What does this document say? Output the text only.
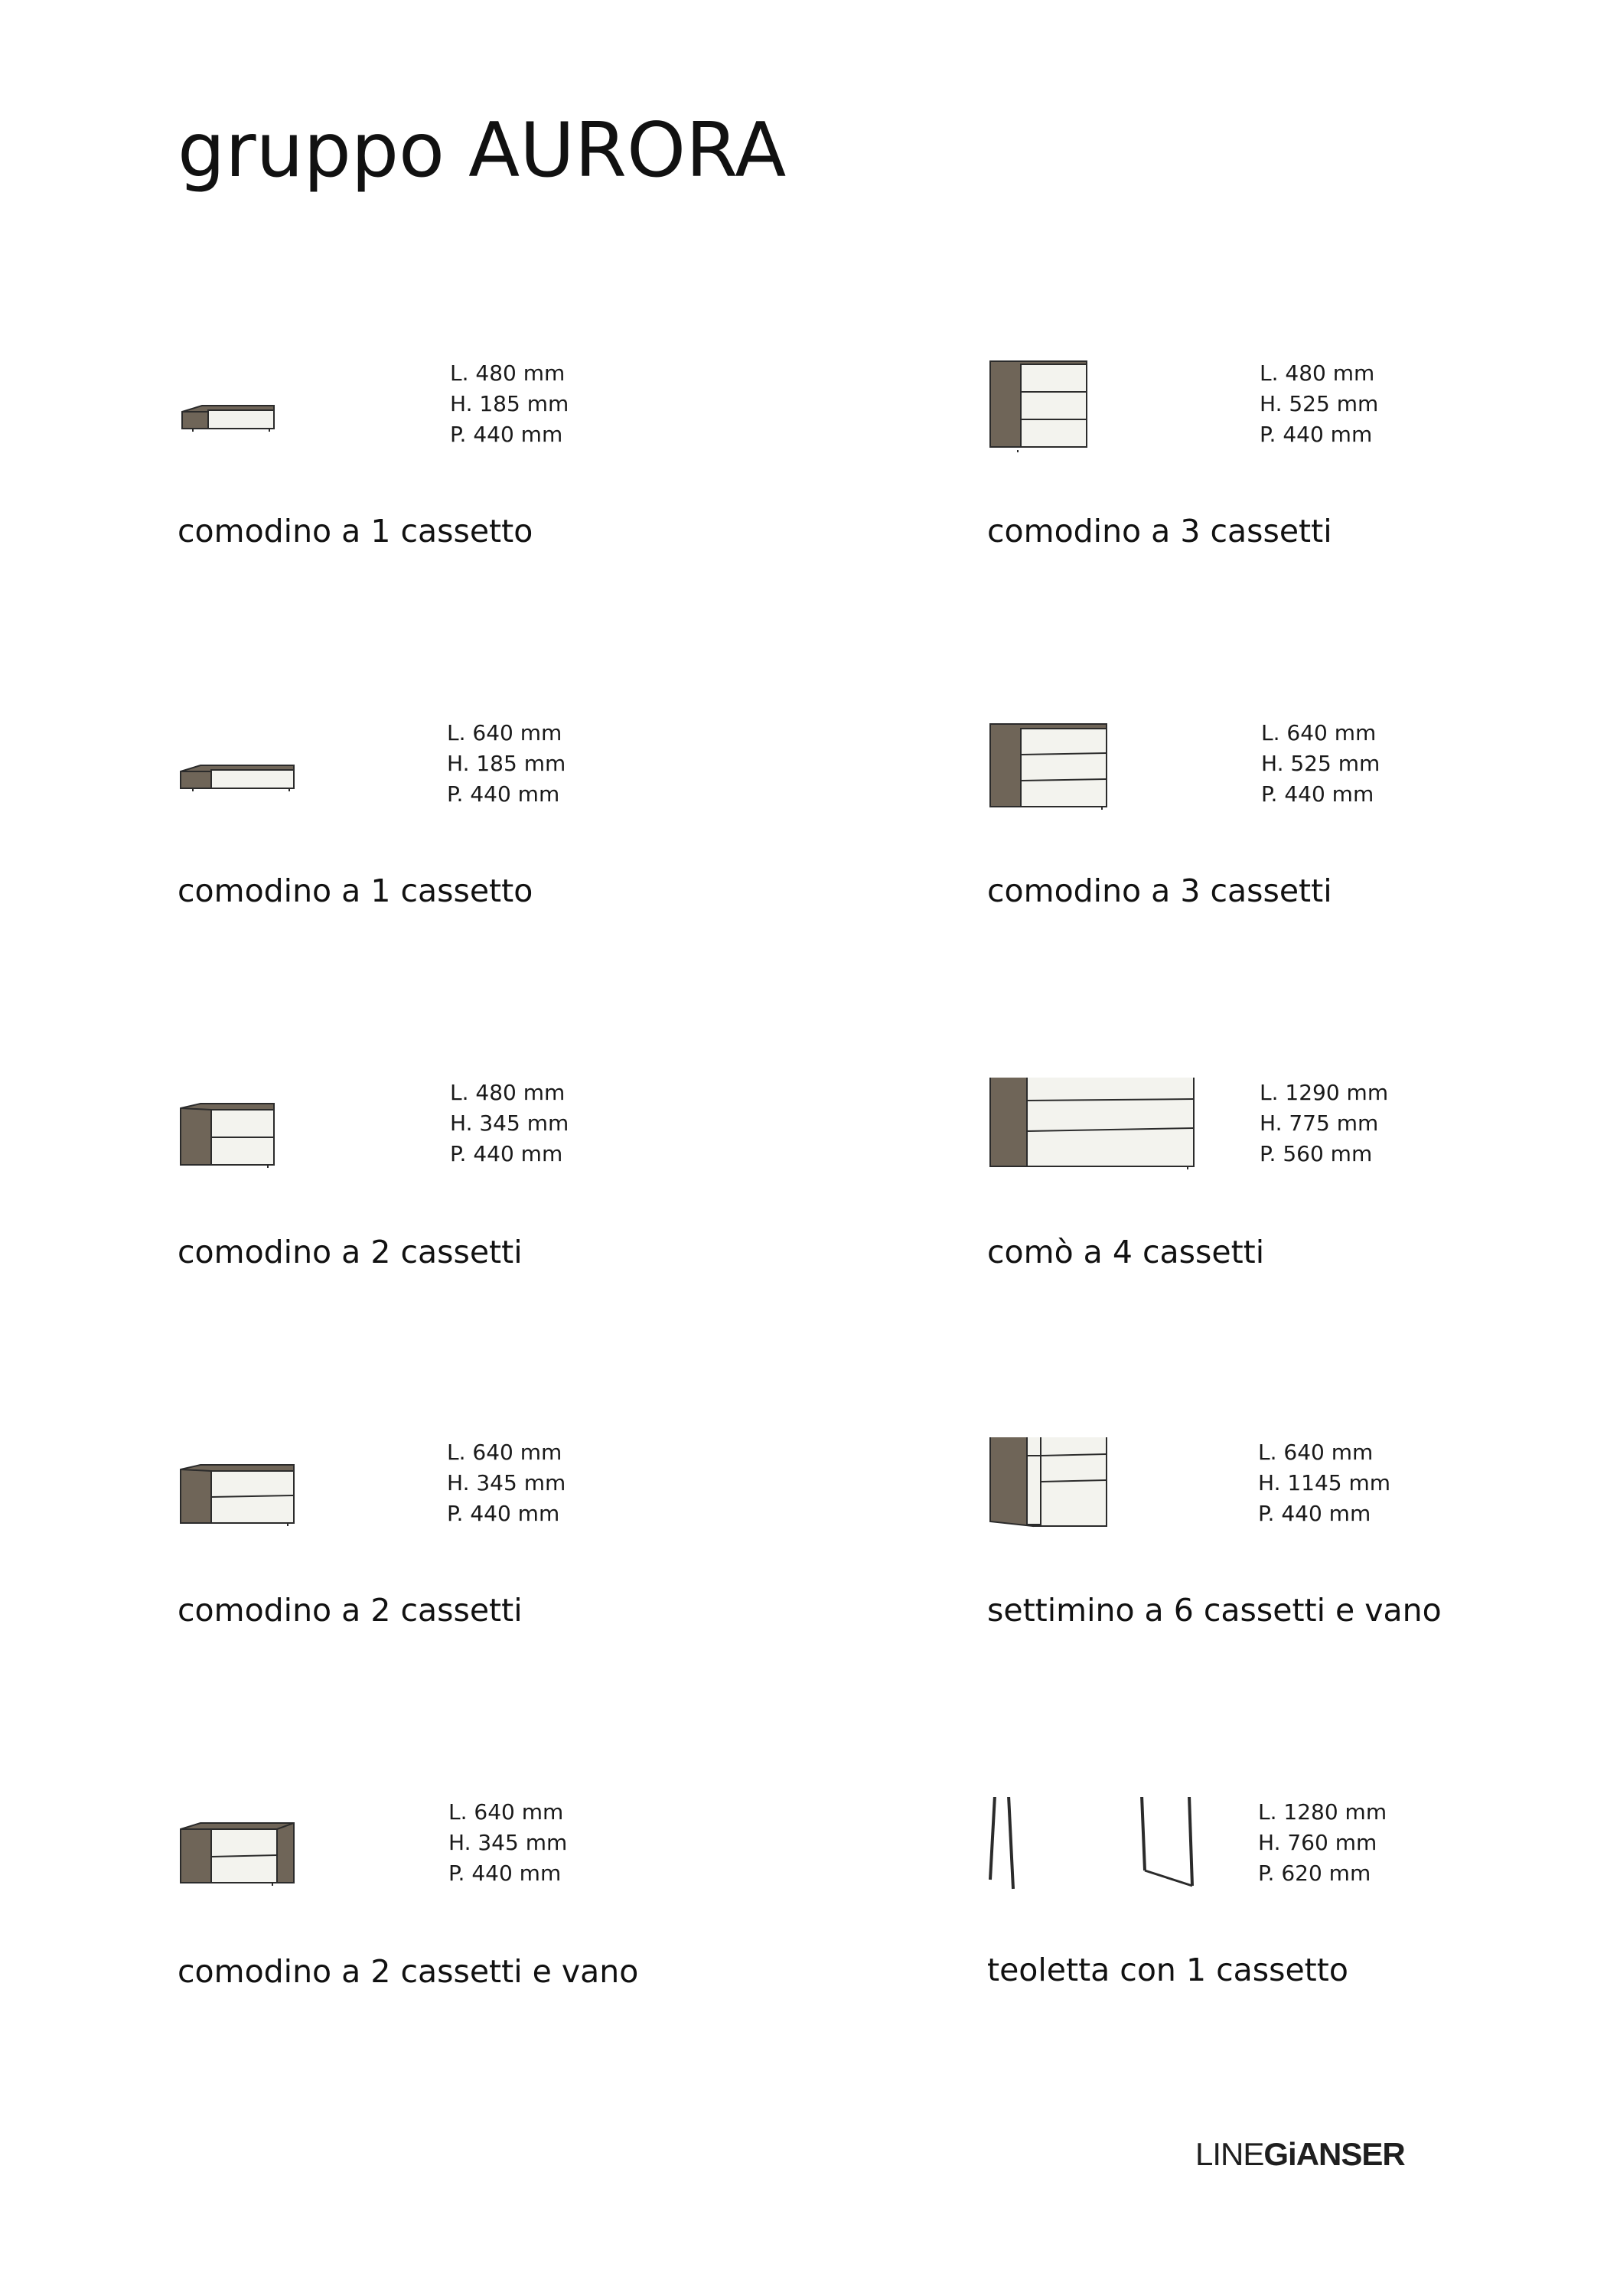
gruppo AURORA
L. 480 mm
H. 185 mm
P. 440 mm
comodino a 1 cassetto
L. 480 mm
H. 525 mm
P. 440 mm
comodino a 3 cassetti
L. 640 mm
H. 185 mm
P. 440 mm
comodino a 1 cassetto
L. 640 mm
H. 525 mm
P. 440 mm
comodino a 3 cassetti
L. 480 mm
H. 345 mm
P. 440 mm
comodino a 2 cassetti
L. 1290 mm
H. 775 mm
P. 560 mm
comò a 4 cassetti
L. 640 mm
H. 345 mm
P. 440 mm
comodino a 2 cassetti
L. 640 mm
H. 1145 mm
P. 440 mm
settimino a 6 cassetti e vano
L. 640 mm
H. 345 mm
P. 440 mm
comodino a 2 cassetti e vano
L. 1280 mm
H. 760 mm
P. 620 mm
teoletta con 1 cassetto
LINEGiANSER
